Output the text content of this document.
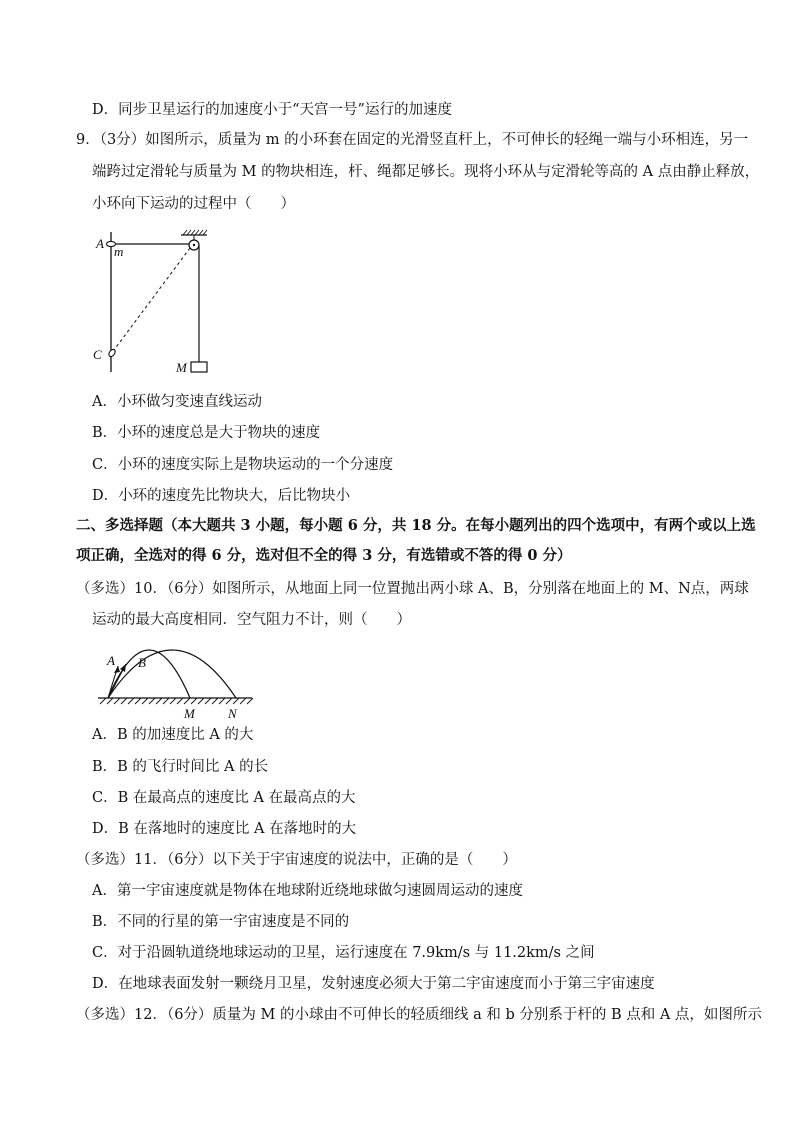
D．同步卫星运行的加速度小于“天宫一号”运行的加速度
9．（3分）如图所示，质量为 m 的小环套在固定的光滑竖直杆上，不可伸长的轻绳一端与小环相连，另一
端跨过定滑轮与质量为 M 的物块相连，杆、绳都足够长。现将小环从与定滑轮等高的 A 点由静止释放，
小环向下运动的过程中（　　）
A
m
C
M
A．小环做匀变速直线运动
B．小环的速度总是大于物块的速度
C．小环的速度实际上是物块运动的一个分速度
D．小环的速度先比物块大，后比物块小
二、多选择题（本大题共 3 小题，每小题 6 分，共 18 分。在每小题列出的四个选项中，有两个或以上选
项正确，全选对的得 6 分，选对但不全的得 3 分，有选错或不答的得 0 分）
（多选）10．（6分）如图所示，从地面上同一位置抛出两小球 A、B，分别落在地面上的 M、N点，两球
运动的最大高度相同．空气阻力不计，则（　　）
A B
M	N
A．B 的加速度比 A 的大
B．B 的飞行时间比 A 的长
C．B 在最高点的速度比 A 在最高点的大
D．B 在落地时的速度比 A 在落地时的大
（多选）11．（6分）以下关于宇宙速度的说法中，正确的是（　　）
A．第一宇宙速度就是物体在地球附近绕地球做匀速圆周运动的速度
B．不同的行星的第一宇宙速度是不同的
C．对于沿圆轨道绕地球运动的卫星，运行速度在 7.9km/s 与 11.2km/s 之间
D．在地球表面发射一颗绕月卫星，发射速度必须大于第二宇宙速度而小于第三宇宙速度
（多选）12．（6分）质量为 M 的小球由不可伸长的轻质细线 a 和 b 分别系于杆的 B 点和 A 点，如图所示
